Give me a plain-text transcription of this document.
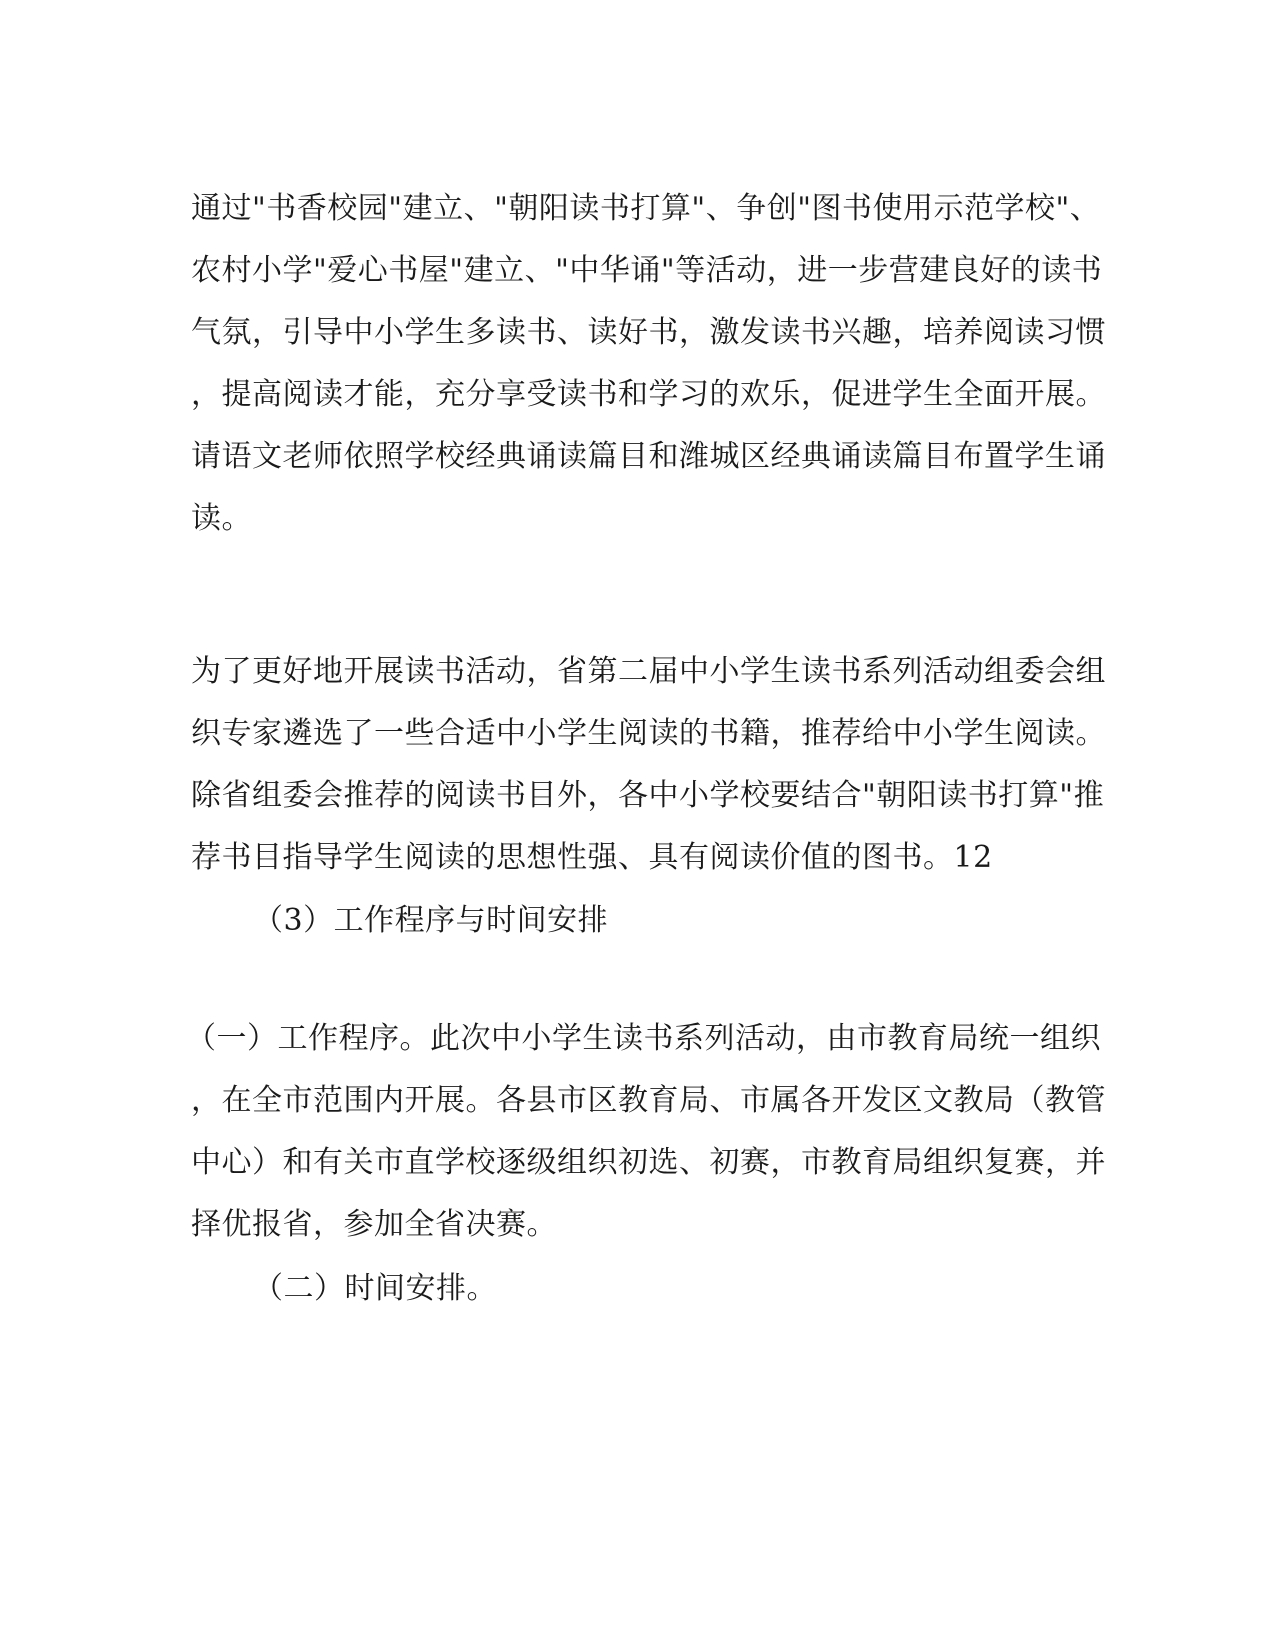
通过"书香校园"建立、"朝阳读书打算"、争创"图书使用示范学校"、

农村小学"爱心书屋"建立、"中华诵"等活动，进一步营建良好的读书

气氛，引导中小学生多读书、读好书，激发读书兴趣，培养阅读习惯

，提高阅读才能，充分享受读书和学习的欢乐，促进学生全面开展。

请语文老师依照学校经典诵读篇目和潍城区经典诵读篇目布置学生诵

读。

为了更好地开展读书活动，省第二届中小学生读书系列活动组委会组

织专家遴选了一些合适中小学生阅读的书籍，推荐给中小学生阅读。

除省组委会推荐的阅读书目外，各中小学校要结合"朝阳读书打算"推

荐书目指导学生阅读的思想性强、具有阅读价值的图书。12

（3）工作程序与时间安排

（一）工作程序。此次中小学生读书系列活动，由市教育局统一组织

，在全市范围内开展。各县市区教育局、市属各开发区文教局（教管

中心）和有关市直学校逐级组织初选、初赛，市教育局组织复赛，并

择优报省，参加全省决赛。

（二）时间安排。
